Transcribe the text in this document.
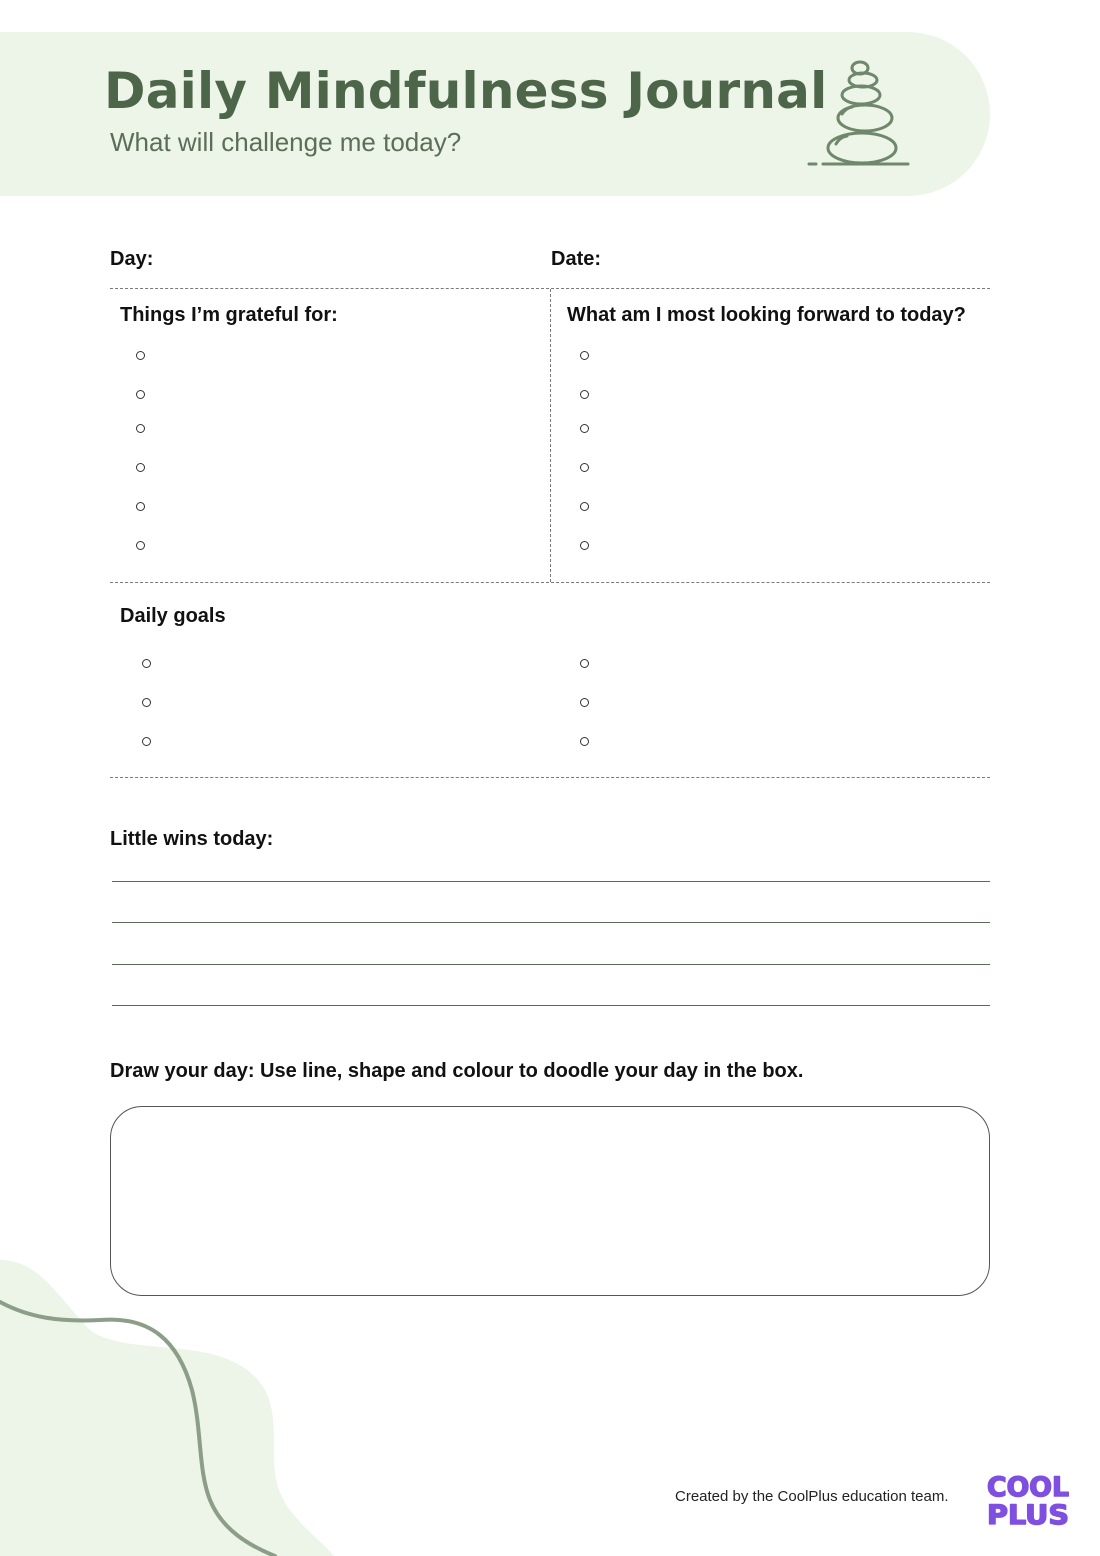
Daily Mindfulness Journal
What will challenge me today?
Day:	Date:
Things I’m grateful for:	What am I most looking forward to today?
Daily goals
Little wins today:
Draw your day: Use line, shape and colour to doodle your day in the box.
Created by the CoolPlus education team. COOL
PLUS
